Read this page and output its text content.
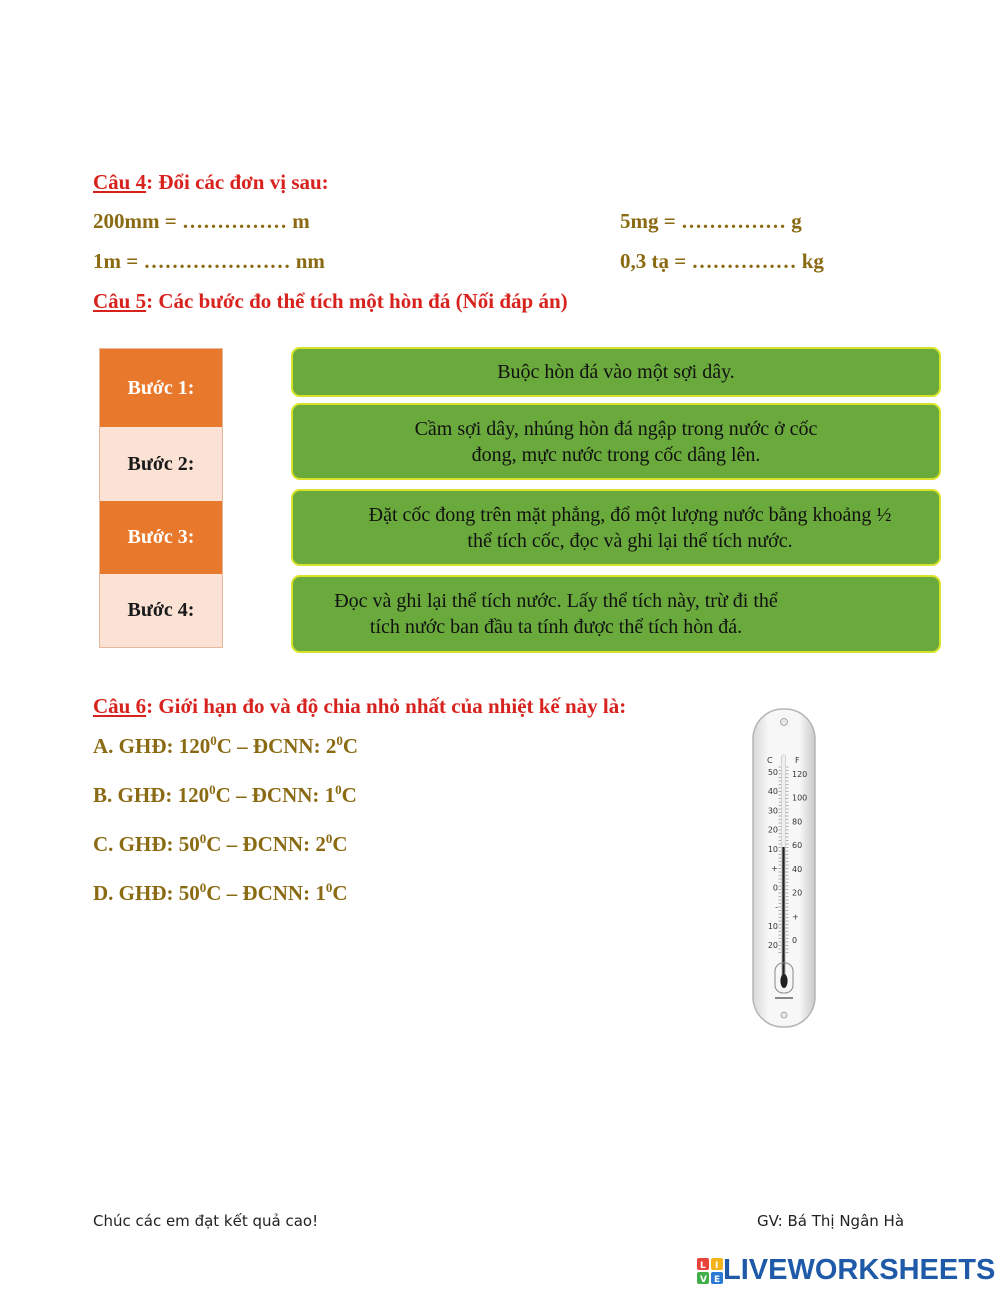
Câu 4: Đổi các đơn vị sau:
200mm = …………… m	5mg = …………… g
1m = ………………… nm	0,3 tạ = …………… kg
Câu 5: Các bước đo thể tích một hòn đá (Nối đáp án)
Bước 1:
Bước 2:
Bước 3:
Bước 4:
Buộc hòn đá vào một sợi dây.
Cầm sợi dây, nhúng hòn đá ngập trong nước ở cốc
đong, mực nước trong cốc dâng lên.
Đặt cốc đong trên mặt phẳng, đổ một lượng nước bằng khoảng ½
thể tích cốc, đọc và ghi lại thể tích nước.
Đọc và ghi lại thể tích nước. Lấy thể tích này, trừ đi thể
tích nước ban đầu ta tính được thể tích hòn đá.
Câu 6: Giới hạn đo và độ chia nhỏ nhất của nhiệt kế này là:
A. GHĐ: $120^0C$ – ĐCNN: $2^0C$
B. GHĐ: $120^0C$ – ĐCNN: $1^0C$
C. GHĐ: $50^0C$ – ĐCNN: $2^0C$
D. GHĐ: $50^0C$ – ĐCNN: $1^0C$
C	F
50
40
30
20
10
+
0
-
10
20
120
100
80
60
40
20
+
0
Chúc các em đạt kết quả cao!	GV: Bá Thị Ngân Hà
L I
V E LIVEWORKSHEETS
